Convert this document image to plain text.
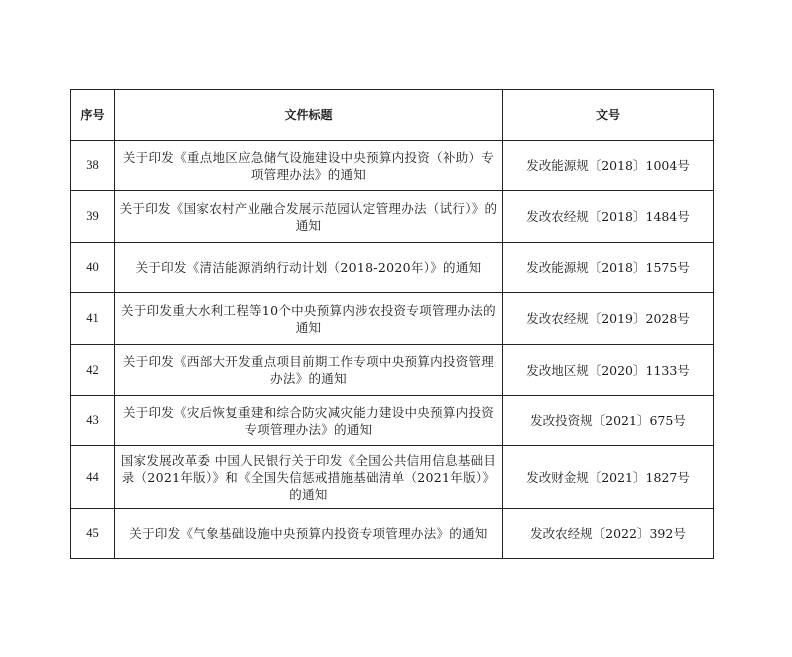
序号	文件标题	文号
38	关于印发《重点地区应急储气设施建设中央预算内投资（补助）专项管理办法》的通知	发改能源规〔2018〕1004号
39	关于印发《国家农村产业融合发展示范园认定管理办法（试行）》的          通知	发改农经规〔2018〕1484号
40	关于印发《清洁能源消纳行动计划（2018-2020年）》的通知	发改能源规〔2018〕1575号
41	关于印发重大水利工程等10个中央预算内涉农投资专项管理办法的通知	发改农经规〔2019〕2028号
42	关于印发《西部大开发重点项目前期工作专项中央预算内投资管理办法》的通知	发改地区规〔2020〕1133号
43	关于印发《灾后恢复重建和综合防灾减灾能力建设中央预算内投资专项管理办法》的通知	发改投资规〔2021〕675号
44	国家发展改革委 中国人民银行关于印发《全国公共信用信息基础目录（2021年版）》和《全国失信惩戒措施基础清单（2021年版）》的通知	发改财金规〔2021〕1827号
45	关于印发《气象基础设施中央预算内投资专项管理办法》的通知	发改农经规〔2022〕392号
